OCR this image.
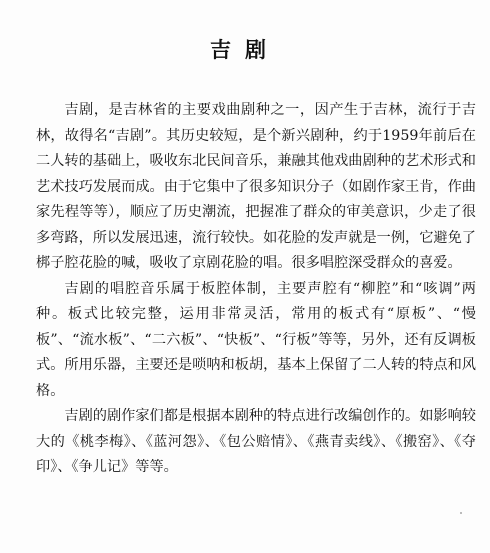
吉剧

吉剧，是吉林省的主要戏曲剧种之一，因产生于吉林，流行于吉林，故得名“吉剧”。其历史较短，是个新兴剧种，约于1959年前后在二人转的基础上，吸收东北民间音乐，兼融其他戏曲剧种的艺术形式和艺术技巧发展而成。由于它集中了很多知识分子（如剧作家王肯，作曲家先程等等），顺应了历史潮流，把握准了群众的审美意识，少走了很多弯路，所以发展迅速，流行较快。如花脸的发声就是一例，它避免了梆子腔花脸的喊，吸收了京剧花脸的唱。很多唱腔深受群众的喜爱。

吉剧的唱腔音乐属于板腔体制，主要声腔有“柳腔”和“咳调”两种。板式比较完整，运用非常灵活，常用的板式有“原板”、“慢板”、“流水板”、“二六板”、“快板”、“行板”等等，另外，还有反调板式。所用乐器，主要还是唢呐和板胡，基本上保留了二人转的特点和风格。

吉剧的剧作家们都是根据本剧种的特点进行改编创作的。如影响较大的《桃李梅》、《蓝河怨》、《包公赔情》、《燕青卖线》、《搬窑》、《夺印》、《争儿记》等等。
